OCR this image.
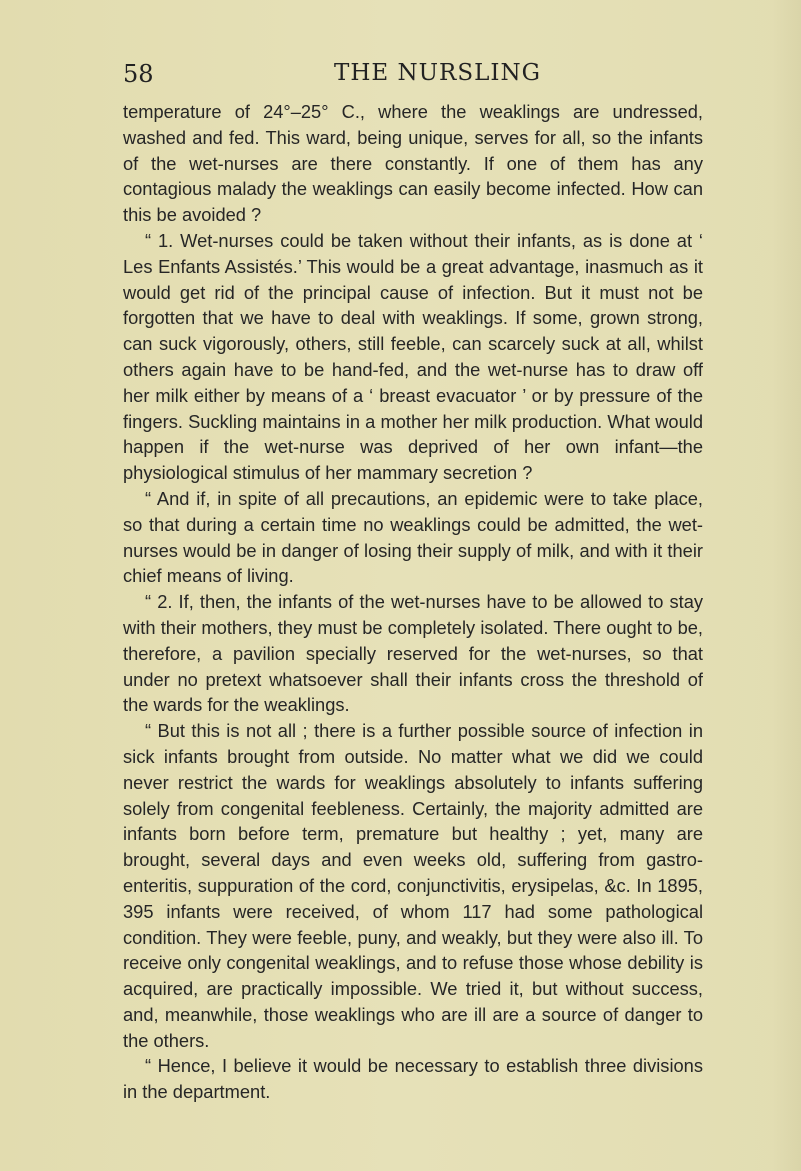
58	THE NURSLING

temperature of 24°–25° C., where the weaklings are undressed, washed and fed. This ward, being unique, serves for all, so the infants of the wet-nurses are there constantly. If one of them has any contagious malady the weaklings can easily become infected. How can this be avoided ?

“ 1. Wet-nurses could be taken without their infants, as is done at ‘ Les Enfants Assistés.’ This would be a great advantage, inasmuch as it would get rid of the principal cause of infection. But it must not be forgotten that we have to deal with weaklings. If some, grown strong, can suck vigorously, others, still feeble, can scarcely suck at all, whilst others again have to be hand-fed, and the wet-nurse has to draw off her milk either by means of a ‘ breast evacuator ’ or by pressure of the fingers. Suckling maintains in a mother her milk production. What would happen if the wet-nurse was deprived of her own infant—the physiological stimulus of her mammary secretion ?

“ And if, in spite of all precautions, an epidemic were to take place, so that during a certain time no weaklings could be admitted, the wet-nurses would be in danger of losing their supply of milk, and with it their chief means of living.

“ 2. If, then, the infants of the wet-nurses have to be allowed to stay with their mothers, they must be completely isolated. There ought to be, therefore, a pavilion specially reserved for the wet-nurses, so that under no pretext whatsoever shall their infants cross the threshold of the wards for the weaklings.

“ But this is not all ; there is a further possible source of infection in sick infants brought from outside. No matter what we did we could never restrict the wards for weaklings absolutely to infants suffering solely from congenital feebleness. Certainly, the majority admitted are infants born before term, premature but healthy ; yet, many are brought, several days and even weeks old, suffering from gastro-enteritis, suppuration of the cord, conjunctivitis, erysipelas, &c. In 1895, 395 infants were received, of whom 117 had some pathological condition. They were feeble, puny, and weakly, but they were also ill. To receive only congenital weaklings, and to refuse those whose debility is acquired, are practically impossible. We tried it, but without success, and, meanwhile, those weaklings who are ill are a source of danger to the others.

“ Hence, I believe it would be necessary to establish three divisions in the department.
